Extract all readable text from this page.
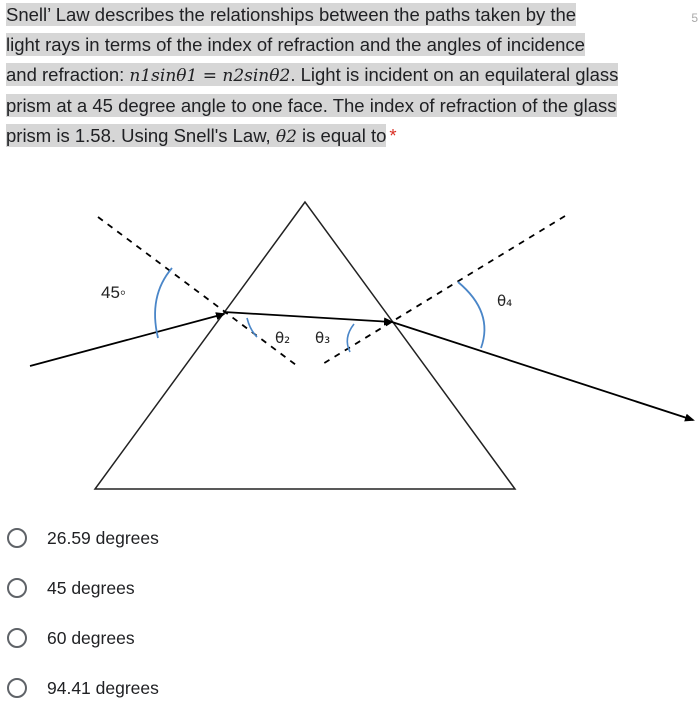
Snell’ Law describes the relationships between the paths taken by the
light rays in terms of the index of refraction and the angles of incidence
and refraction: n1sinθ1 = n2sinθ2. Light is incident on an equilateral glass
prism at a 45 degree angle to one face. The index of refraction of the glass
prism is 1.58. Using Snell's Law, θ2 is equal to *
5
45◦
θ₂ θ₃
θ₄
26.59 degrees
45 degrees
60 degrees
94.41 degrees
